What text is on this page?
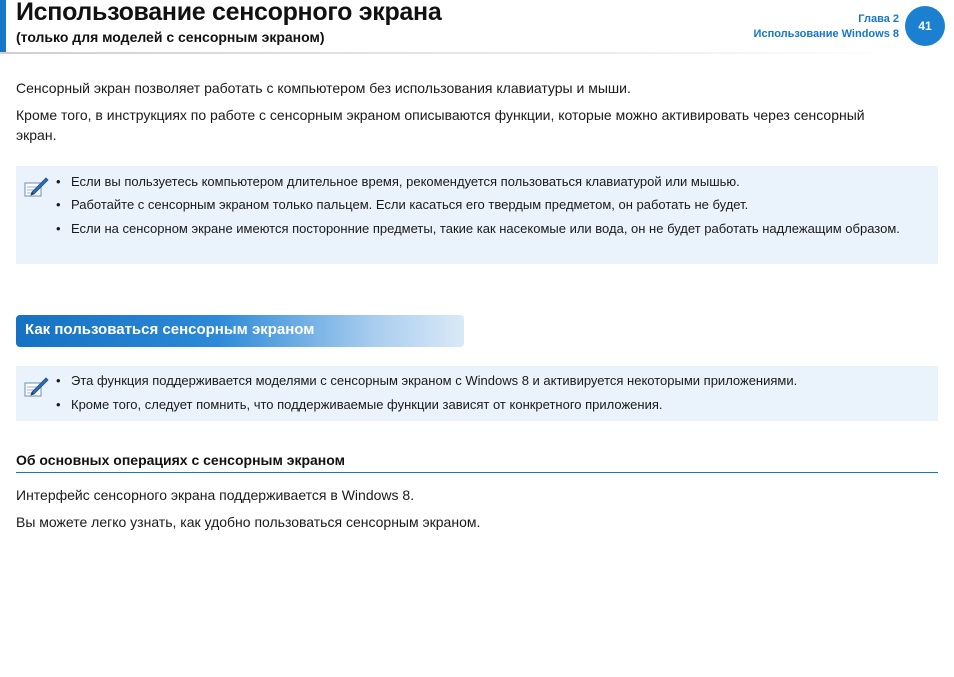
Использование сенсорного экрана

(только для моделей с сенсорным экраном)

Глава 2
Использование Windows 8
41

Сенсорный экран позволяет работать с компьютером без использования клавиатуры и мыши.

Кроме того, в инструкциях по работе с сенсорным экраном описываются функции, которые можно активировать через сенсорный экран.

• Если вы пользуетесь компьютером длительное время, рекомендуется пользоваться клавиатурой или мышью.
• Работайте с сенсорным экраном только пальцем. Если касаться его твердым предметом, он работать не будет.
• Если на сенсорном экране имеются посторонние предметы, такие как насекомые или вода, он не будет работать надлежащим образом.
Как пользоваться сенсорным экраном
• Эта функция поддерживается моделями с сенсорным экраном с Windows 8 и активируется некоторыми приложениями.
• Кроме того, следует помнить, что поддерживаемые функции зависят от конкретного приложения.
Об основных операциях с сенсорным экраном

Интерфейс сенсорного экрана поддерживается в Windows 8.

Вы можете легко узнать, как удобно пользоваться сенсорным экраном.
